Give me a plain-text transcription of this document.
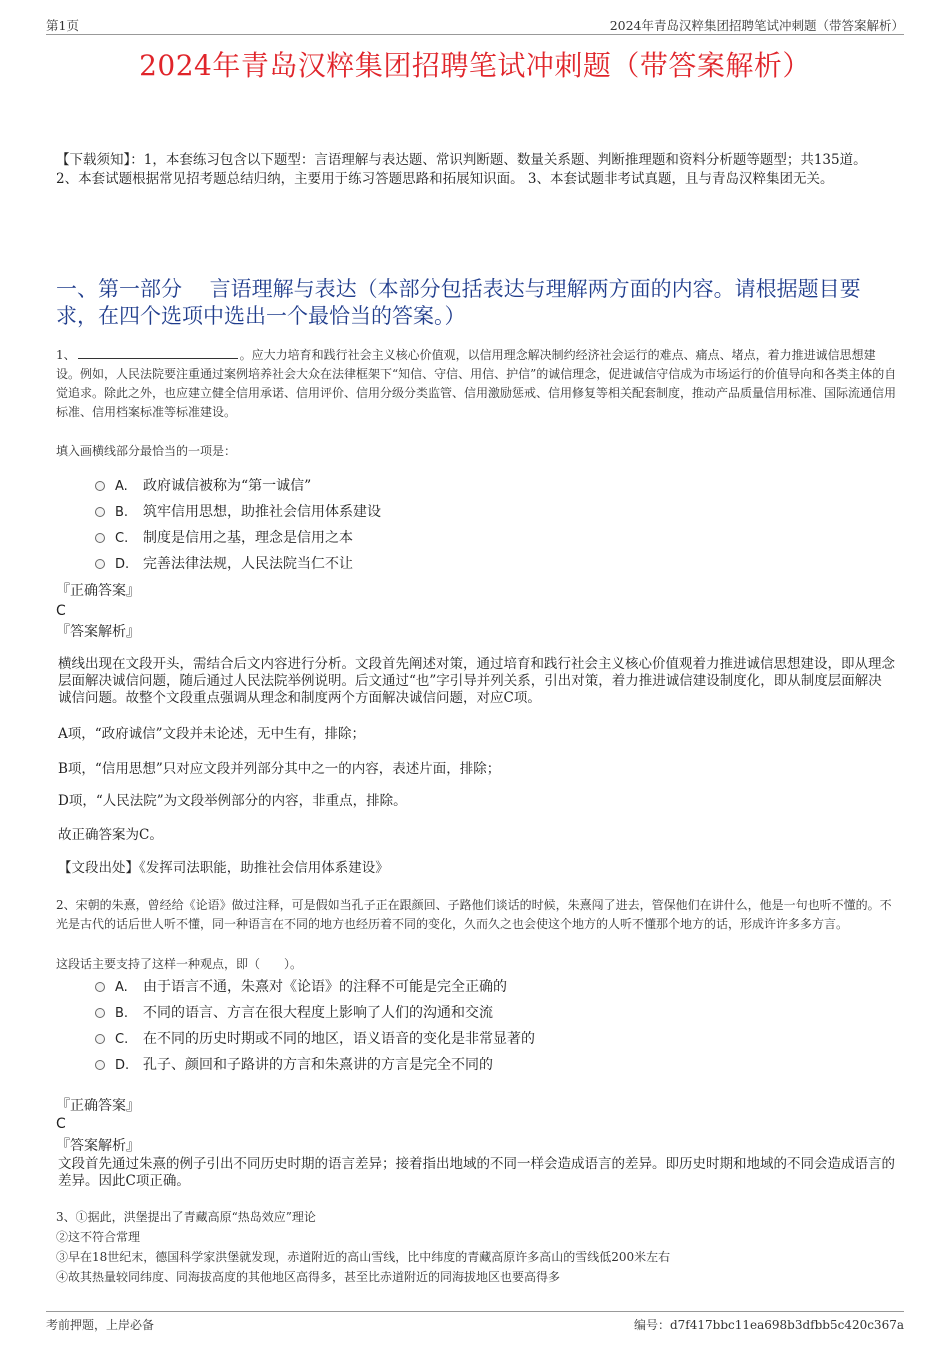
第1页	2024年青岛汉粹集团招聘笔试冲刺题（带答案解析）
2024年青岛汉粹集团招聘笔试冲刺题（带答案解析）
【下载须知】：1，本套练习包含以下题型：言语理解与表达题、常识判断题、数量关系题、判断推理题和资料分析题等题型；共135道。 2、本套试题根据常见招考题总结归纳，主要用于练习答题思路和拓展知识面。 3、本套试题非考试真题，且与青岛汉粹集团无关。
一、第一部分　 言语理解与表达（本部分包括表达与理解两方面的内容。请根据题目要求，在四个选项中选出一个最恰当的答案。）
1、	。应大力培育和践行社会主义核心价值观，以信用理念解决制约经济社会运行的难点、痛点、堵点，着力推进诚信思想建设。例如，人民法院要注重通过案例培养社会大众在法律框架下“知信、守信、用信、护信”的诚信理念，促进诚信守信成为市场运行的价值导向和各类主体的自觉追求。除此之外，也应建立健全信用承诺、信用评价、信用分级分类监管、信用激励惩戒、信用修复等相关配套制度，推动产品质量信用标准、国际流通信用标准、信用档案标准等标准建设。
填入画横线部分最恰当的一项是：
A. 政府诚信被称为“第一诚信”
B. 筑牢信用思想，助推社会信用体系建设
C. 制度是信用之基，理念是信用之本
D. 完善法律法规，人民法院当仁不让
『正确答案』
C
『答案解析』
横线出现在文段开头，需结合后文内容进行分析。文段首先阐述对策，通过培育和践行社会主义核心价值观着力推进诚信思想建设，即从理念层面解决诚信问题，随后通过人民法院举例说明。后文通过“也”字引导并列关系，引出对策，着力推进诚信建设制度化，即从制度层面解决诚信问题。故整个文段重点强调从理念和制度两个方面解决诚信问题，对应C项。
A项，“政府诚信”文段并未论述，无中生有，排除；
B项，“信用思想”只对应文段并列部分其中之一的内容，表述片面，排除；
D项，“人民法院”为文段举例部分的内容，非重点，排除。
故正确答案为C。
【文段出处】《发挥司法职能，助推社会信用体系建设》
2、宋朝的朱熹，曾经给《论语》做过注释，可是假如当孔子正在跟颜回、子路他们谈话的时候，朱熹闯了进去，管保他们在讲什么，他是一句也听不懂的。不光是古代的话后世人听不懂，同一种语言在不同的地方也经历着不同的变化，久而久之也会使这个地方的人听不懂那个地方的话，形成许许多多方言。
这段话主要支持了这样一种观点，即（　　）。
A. 由于语言不通，朱熹对《论语》的注释不可能是完全正确的
B. 不同的语言、方言在很大程度上影响了人们的沟通和交流
C. 在不同的历史时期或不同的地区，语义语音的变化是非常显著的
D. 孔子、颜回和子路讲的方言和朱熹讲的方言是完全不同的
『正确答案』
C
『答案解析』
文段首先通过朱熹的例子引出不同历史时期的语言差异；接着指出地域的不同一样会造成语言的差异。即历史时期和地域的不同会造成语言的差异。因此C项正确。
3、①据此，洪堡提出了青藏高原“热岛效应”理论
②这不符合常理
③早在18世纪末，德国科学家洪堡就发现，赤道附近的高山雪线，比中纬度的青藏高原许多高山的雪线低200米左右
④故其热量较同纬度、同海拔高度的其他地区高得多，甚至比赤道附近的同海拔地区也要高得多
考前押题，上岸必备	编号：d7f417bbc11ea698b3dfbb5c420c367a
